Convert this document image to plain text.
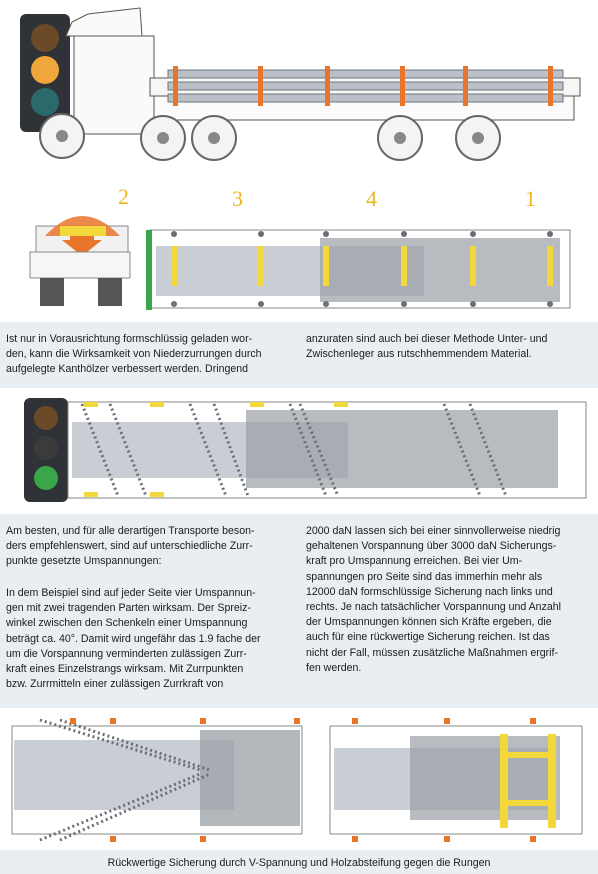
2	3	4	1

Ist nur in Vorausrichtung formschlüssig geladen wor-
den, kann die Wirksamkeit von Niederzurrungen durch
aufgelegte Kanthölzer verbessert werden. Dringend

anzuraten sind auch bei dieser Methode Unter- und
Zwischenleger aus rutschhemmendem Material.

Am besten, und für alle derartigen Transporte beson-
ders empfehlenswert, sind auf unterschiedliche Zurr-
punkte gesetzte Umspannungen:

In dem Beispiel sind auf jeder Seite vier Umspannun-
gen mit zwei tragenden Parten wirksam. Der Spreiz-
winkel zwischen den Schenkeln einer Umspannung
beträgt ca. 40°. Damit wird ungefähr das 1.9 fache der
um die Vorspannung verminderten zulässigen Zurr-
kraft eines Einzelstrangs wirksam. Mit Zurrpunkten
bzw. Zurrmitteln einer zulässigen Zurrkraft von

2000 daN lassen sich bei einer sinnvollerweise niedrig
gehaltenen Vorspannung über 3000 daN Sicherungs-
kraft pro Umspannung erreichen. Bei vier Um-
spannungen pro Seite sind das immerhin mehr als
12000 daN formschlüssige Sicherung nach links und
rechts. Je nach tatsächlicher Vorspannung und Anzahl
der Umspannungen können sich Kräfte ergeben, die
auch für eine rückwertige Sicherung reichen. Ist das
nicht der Fall, müssen zusätzliche Maßnahmen ergrif-
fen werden.

Rückwertige Sicherung durch V-Spannung und Holzabsteifung gegen die Rungen
